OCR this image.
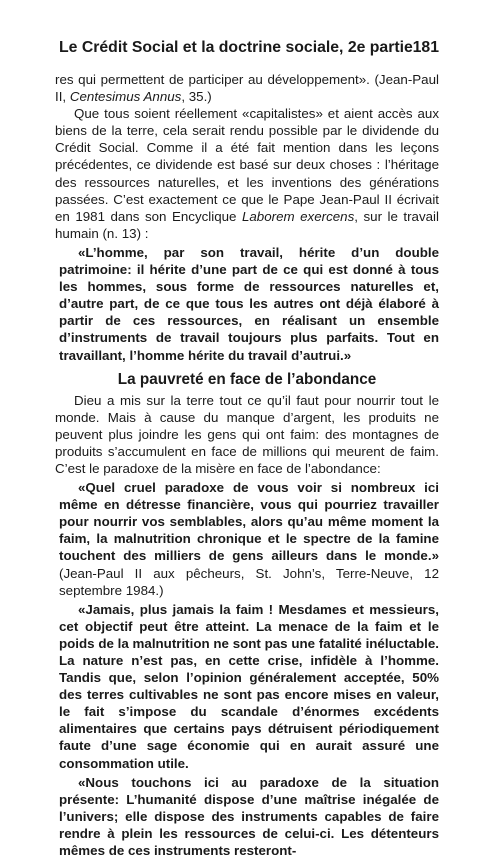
Le Crédit Social et la doctrine sociale, 2e partie 181

res qui permettent de participer au développement». (Jean-Paul II, Centesimus Annus, 35.)

Que tous soient réellement «capitalistes» et aient accès aux biens de la terre, cela serait rendu possible par le dividende du Crédit Social. Comme il a été fait mention dans les leçons précédentes, ce dividende est basé sur deux choses : l’héritage des ressources naturelles, et les inventions des générations passées. C’est exactement ce que le Pape Jean-Paul II écrivait en 1981 dans son Encyclique Laborem exercens, sur le travail humain (n. 13) :

«L’homme, par son travail, hérite d’un double patrimoine: il hérite d’une part de ce qui est donné à tous les hommes, sous forme de ressources naturelles et, d’autre part, de ce que tous les autres ont déjà élaboré à partir de ces ressources, en réalisant un ensemble d’instruments de travail toujours plus parfaits. Tout en travaillant, l’homme hérite du travail d’autrui.»

La pauvreté en face de l’abondance

Dieu a mis sur la terre tout ce qu’il faut pour nourrir tout le monde. Mais à cause du manque d’argent, les produits ne peuvent plus joindre les gens qui ont faim: des montagnes de produits s’accumulent en face de millions qui meurent de faim. C’est le paradoxe de la misère en face de l’abondance:

«Quel cruel paradoxe de vous voir si nombreux ici même en détresse financière, vous qui pourriez travailler pour nourrir vos semblables, alors qu’au même moment la faim, la malnutrition chronique et le spectre de la famine touchent des milliers de gens ailleurs dans le monde.» (Jean-Paul II aux pêcheurs, St. John’s, Terre-Neuve, 12 septembre 1984.)

«Jamais, plus jamais la faim ! Mesdames et messieurs, cet objectif peut être atteint. La menace de la faim et le poids de la malnutrition ne sont pas une fatalité inéluctable. La nature n’est pas, en cette crise, infidèle à l’homme. Tandis que, selon l’opinion généralement acceptée, 50% des terres cultivables ne sont pas encore mises en valeur, le fait s’impose du scandale d’énormes excédents alimentaires que certains pays détruisent périodiquement faute d’une sage économie qui en aurait assuré une consommation utile.

«Nous touchons ici au paradoxe de la situation présente: L’humanité dispose d’une maîtrise inégalée de l’univers; elle dispose des instruments capables de faire rendre à plein les ressources de celui-ci. Les détenteurs mêmes de ces instruments resteront-
